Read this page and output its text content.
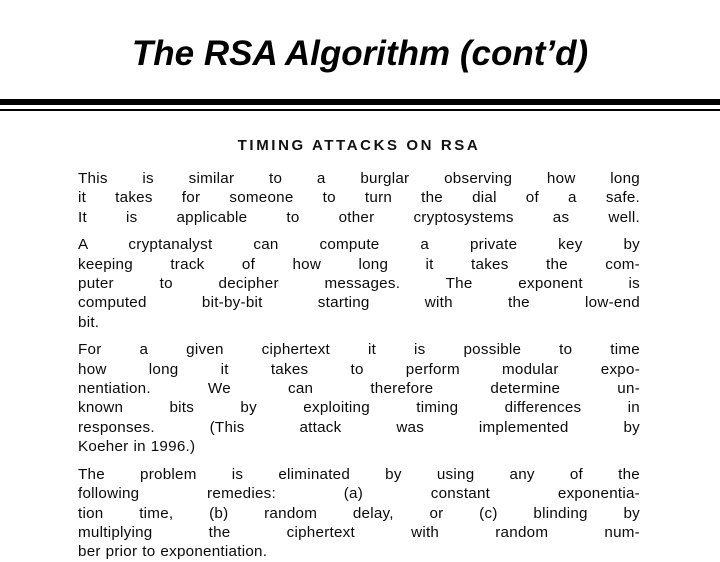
The RSA Algorithm (cont’d)
TIMING ATTACKS ON RSA
This is similar to a burglar observing how long
it takes for someone to turn the dial of a safe.
It is applicable to other cryptosystems as well.
A cryptanalyst can compute a private key by
keeping track of how long it takes the com-
puter to decipher messages. The exponent is
computed bit-by-bit starting with the low-end
bit.
For a given ciphertext it is possible to time
how long it takes to perform modular expo-
nentiation. We can therefore determine un-
known bits by exploiting timing differences in
responses. (This attack was implemented by
Koeher in 1996.)
The problem is eliminated by using any of the
following remedies: (a) constant exponentia-
tion time, (b) random delay, or (c) blinding by
multiplying the ciphertext with random num-
ber prior to exponentiation.
